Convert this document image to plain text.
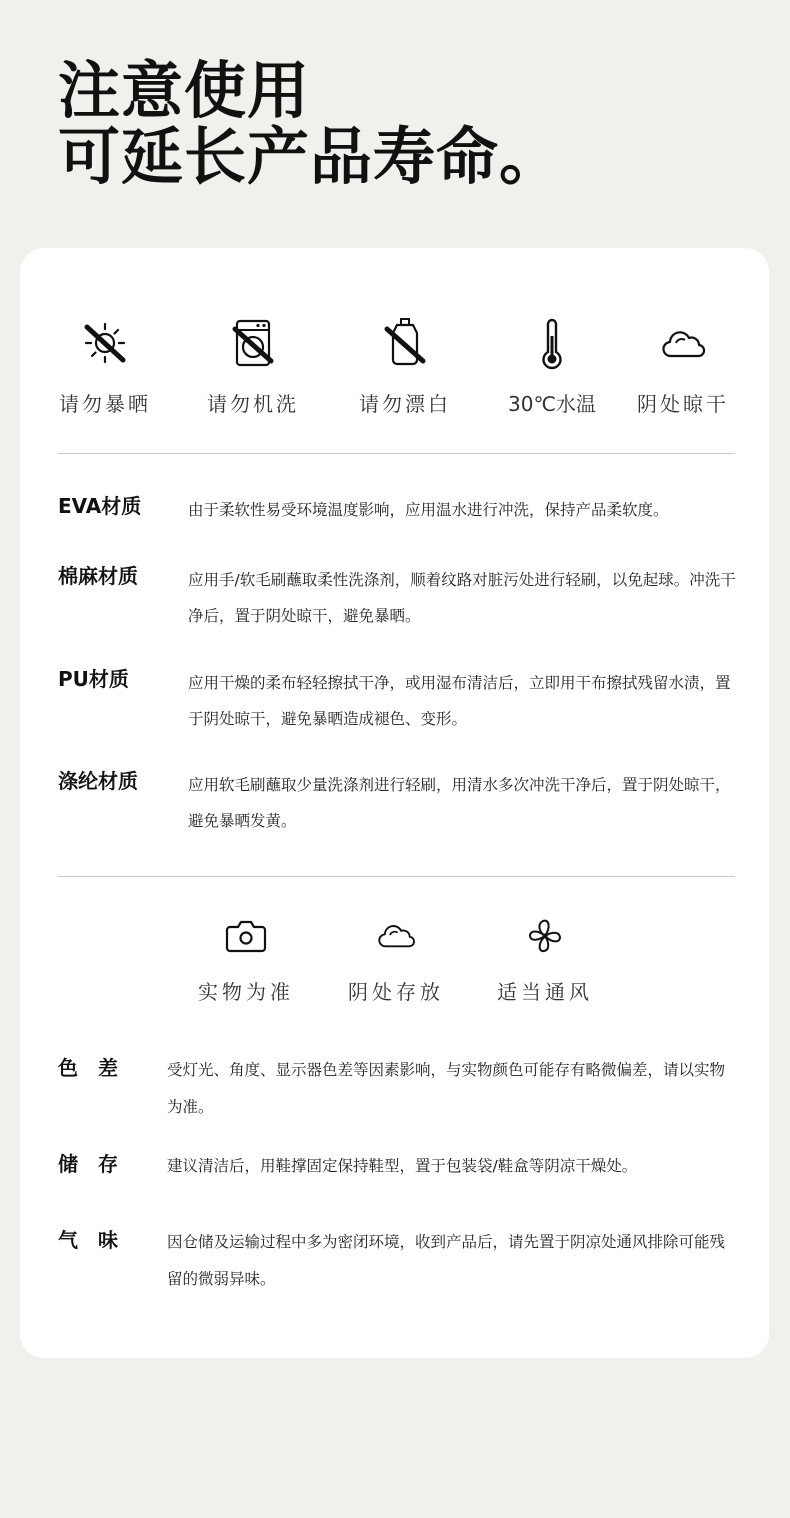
注意使用
可延长产品寿命。
请勿暴晒	请勿机洗	请勿漂白	30℃水温	阴处晾干
EVA材质	由于柔软性易受环境温度影响，应用温水进行冲洗，保持产品柔软度。
棉麻材质	应用手/软毛刷蘸取柔性洗涤剂，顺着纹路对脏污处进行轻刷，以免起球。冲洗干净后，置于阴处晾干，避免暴晒。
PU材质	应用干燥的柔布轻轻擦拭干净，或用湿布清洁后，立即用干布擦拭残留水渍，置于阴处晾干，避免暴晒造成褪色、变形。
涤纶材质	应用软毛刷蘸取少量洗涤剂进行轻刷，用清水多次冲洗干净后，置于阴处晾干，避免暴晒发黄。
实物为准	阴处存放	适当通风
色　差	受灯光、角度、显示器色差等因素影响，与实物颜色可能存有略微偏差，请以实物为准。
储　存	建议清洁后，用鞋撑固定保持鞋型，置于包装袋/鞋盒等阴凉干燥处。
气　味	因仓储及运输过程中多为密闭环境，收到产品后，请先置于阴凉处通风排除可能残留的微弱异味。
